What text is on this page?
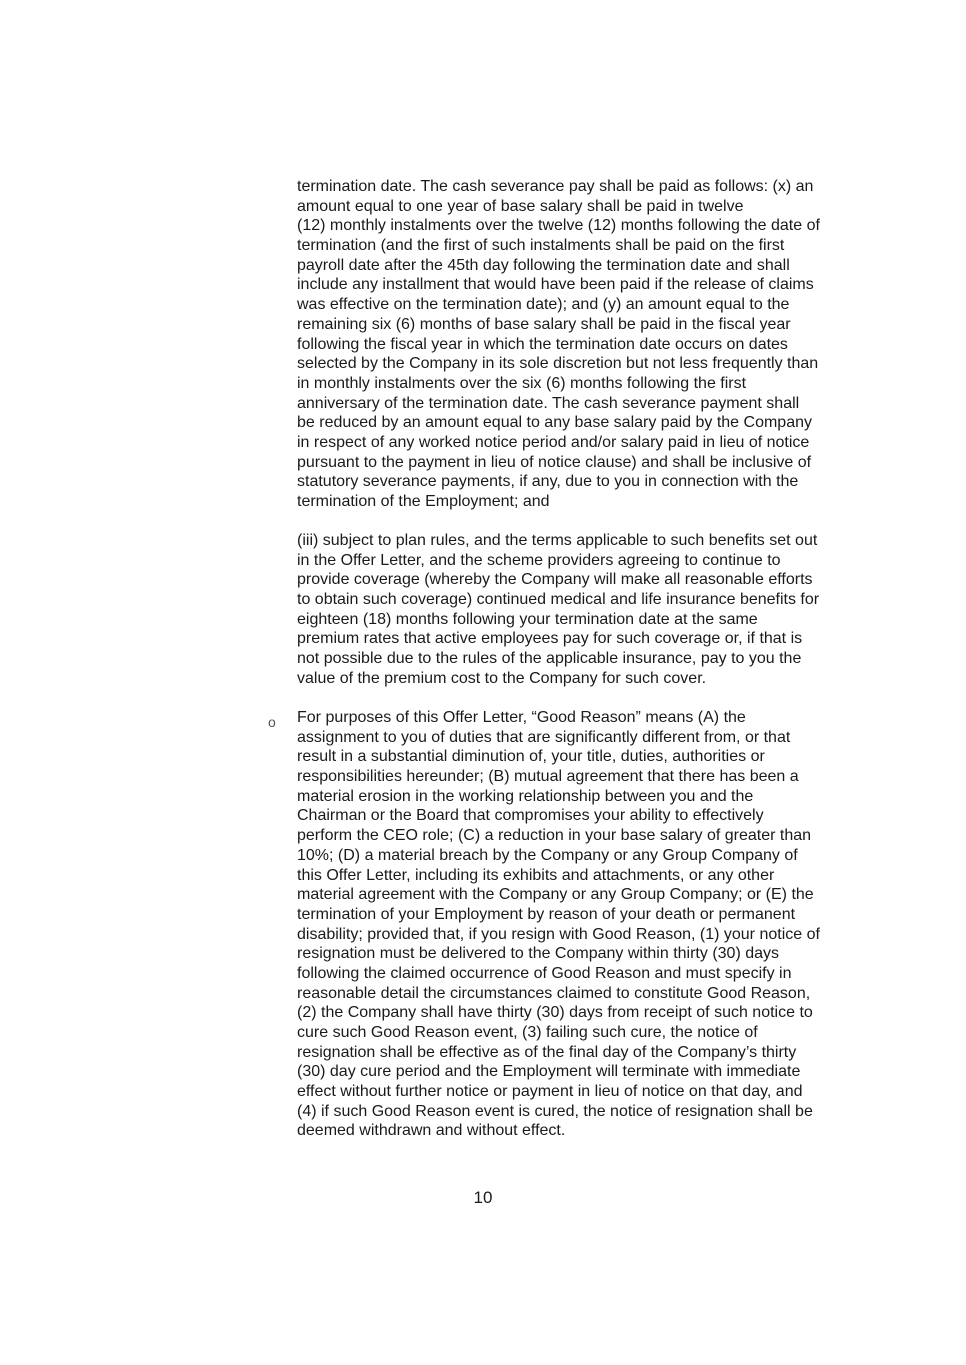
termination date. The cash severance pay shall be paid as follows: (x) an
amount equal to one year of base salary shall be paid in twelve
(12) monthly instalments over the twelve (12) months following the date of
termination (and the first of such instalments shall be paid on the first
payroll date after the 45th day following the termination date and shall
include any installment that would have been paid if the release of claims
was effective on the termination date); and (y) an amount equal to the
remaining six (6) months of base salary shall be paid in the fiscal year
following the fiscal year in which the termination date occurs on dates
selected by the Company in its sole discretion but not less frequently than
in monthly instalments over the six (6) months following the first
anniversary of the termination date. The cash severance payment shall
be reduced by an amount equal to any base salary paid by the Company
in respect of any worked notice period and/or salary paid in lieu of notice
pursuant to the payment in lieu of notice clause) and shall be inclusive of
statutory severance payments, if any, due to you in connection with the
termination of the Employment; and
(iii) subject to plan rules, and the terms applicable to such benefits set out
in the Offer Letter, and the scheme providers agreeing to continue to
provide coverage (whereby the Company will make all reasonable efforts
to obtain such coverage) continued medical and life insurance benefits for
eighteen (18) months following your termination date at the same
premium rates that active employees pay for such coverage or, if that is
not possible due to the rules of the applicable insurance, pay to you the
value of the premium cost to the Company for such cover.
o For purposes of this Offer Letter, “Good Reason” means (A) the
assignment to you of duties that are significantly different from, or that
result in a substantial diminution of, your title, duties, authorities or
responsibilities hereunder; (B) mutual agreement that there has been a
material erosion in the working relationship between you and the
Chairman or the Board that compromises your ability to effectively
perform the CEO role; (C) a reduction in your base salary of greater than
10%; (D) a material breach by the Company or any Group Company of
this Offer Letter, including its exhibits and attachments, or any other
material agreement with the Company or any Group Company; or (E) the
termination of your Employment by reason of your death or permanent
disability; provided that, if you resign with Good Reason, (1) your notice of
resignation must be delivered to the Company within thirty (30) days
following the claimed occurrence of Good Reason and must specify in
reasonable detail the circumstances claimed to constitute Good Reason,
(2) the Company shall have thirty (30) days from receipt of such notice to
cure such Good Reason event, (3) failing such cure, the notice of
resignation shall be effective as of the final day of the Company’s thirty
(30) day cure period and the Employment will terminate with immediate
effect without further notice or payment in lieu of notice on that day, and
(4) if such Good Reason event is cured, the notice of resignation shall be
deemed withdrawn and without effect.
10
